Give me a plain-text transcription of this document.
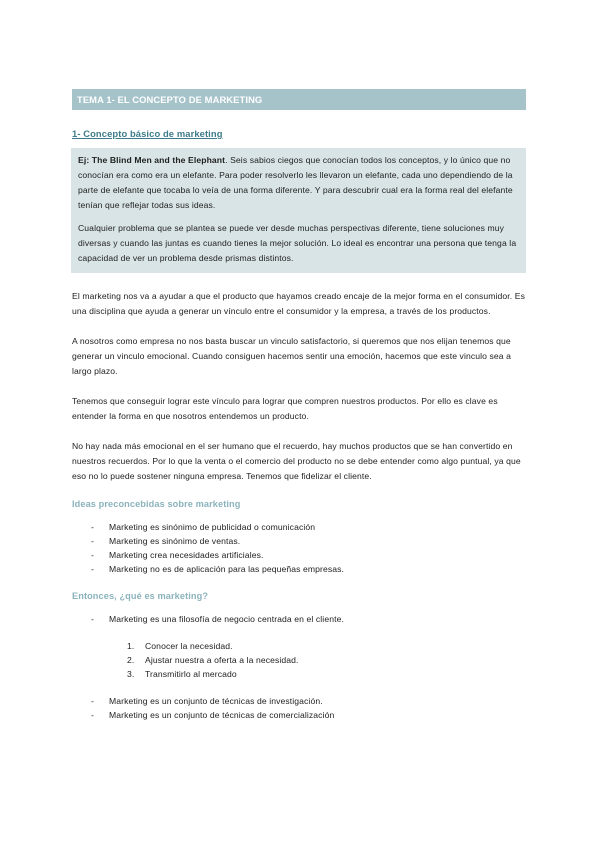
TEMA 1- EL CONCEPTO DE MARKETING
1- Concepto básico de marketing

Ej: The Blind Men and the Elephant. Seis sabios ciegos que conocían todos los conceptos, y lo único que no conocían era como era un elefante. Para poder resolverlo les llevaron un elefante, cada uno dependiendo de la parte de elefante que tocaba lo veía de una forma diferente. Y para descubrir cual era la forma real del elefante tenían que reflejar todas sus ideas.

Cualquier problema que se plantea se puede ver desde muchas perspectivas diferente, tiene soluciones muy diversas y cuando las juntas es cuando tienes la mejor solución. Lo ideal es encontrar una persona que tenga la capacidad de ver un problema desde prismas distintos.

El marketing nos va a ayudar a que el producto que hayamos creado encaje de la mejor forma en el consumidor. Es una disciplina que ayuda a generar un vínculo entre el consumidor y la empresa, a través de los productos.

A nosotros como empresa no nos basta buscar un vinculo satisfactorio, si queremos que nos elijan tenemos que generar un vinculo emocional. Cuando consiguen hacemos sentir una emoción, hacemos que este vinculo sea a largo plazo.

Tenemos que conseguir lograr este vínculo para lograr que compren nuestros productos. Por ello es clave es entender la forma en que nosotros entendemos un producto.

No hay nada más emocional en el ser humano que el recuerdo, hay muchos productos que se han convertido en nuestros recuerdos. Por lo que la venta o el comercio del producto no se debe entender como algo puntual, ya que eso no lo puede sostener ninguna empresa. Tenemos que fidelizar el cliente.

Ideas preconcebidas sobre marketing
- Marketing es sinónimo de publicidad o comunicación
- Marketing es sinónimo de ventas.
- Marketing crea necesidades artificiales.
- Marketing no es de aplicación para las pequeñas empresas.
Entonces, ¿qué es marketing?
- Marketing es una filosofía de negocio centrada en el cliente.
1. Conocer la necesidad.
2. Ajustar nuestra a oferta a la necesidad.
3. Transmitirlo al mercado
- Marketing es un conjunto de técnicas de investigación.
- Marketing es un conjunto de técnicas de comercialización
